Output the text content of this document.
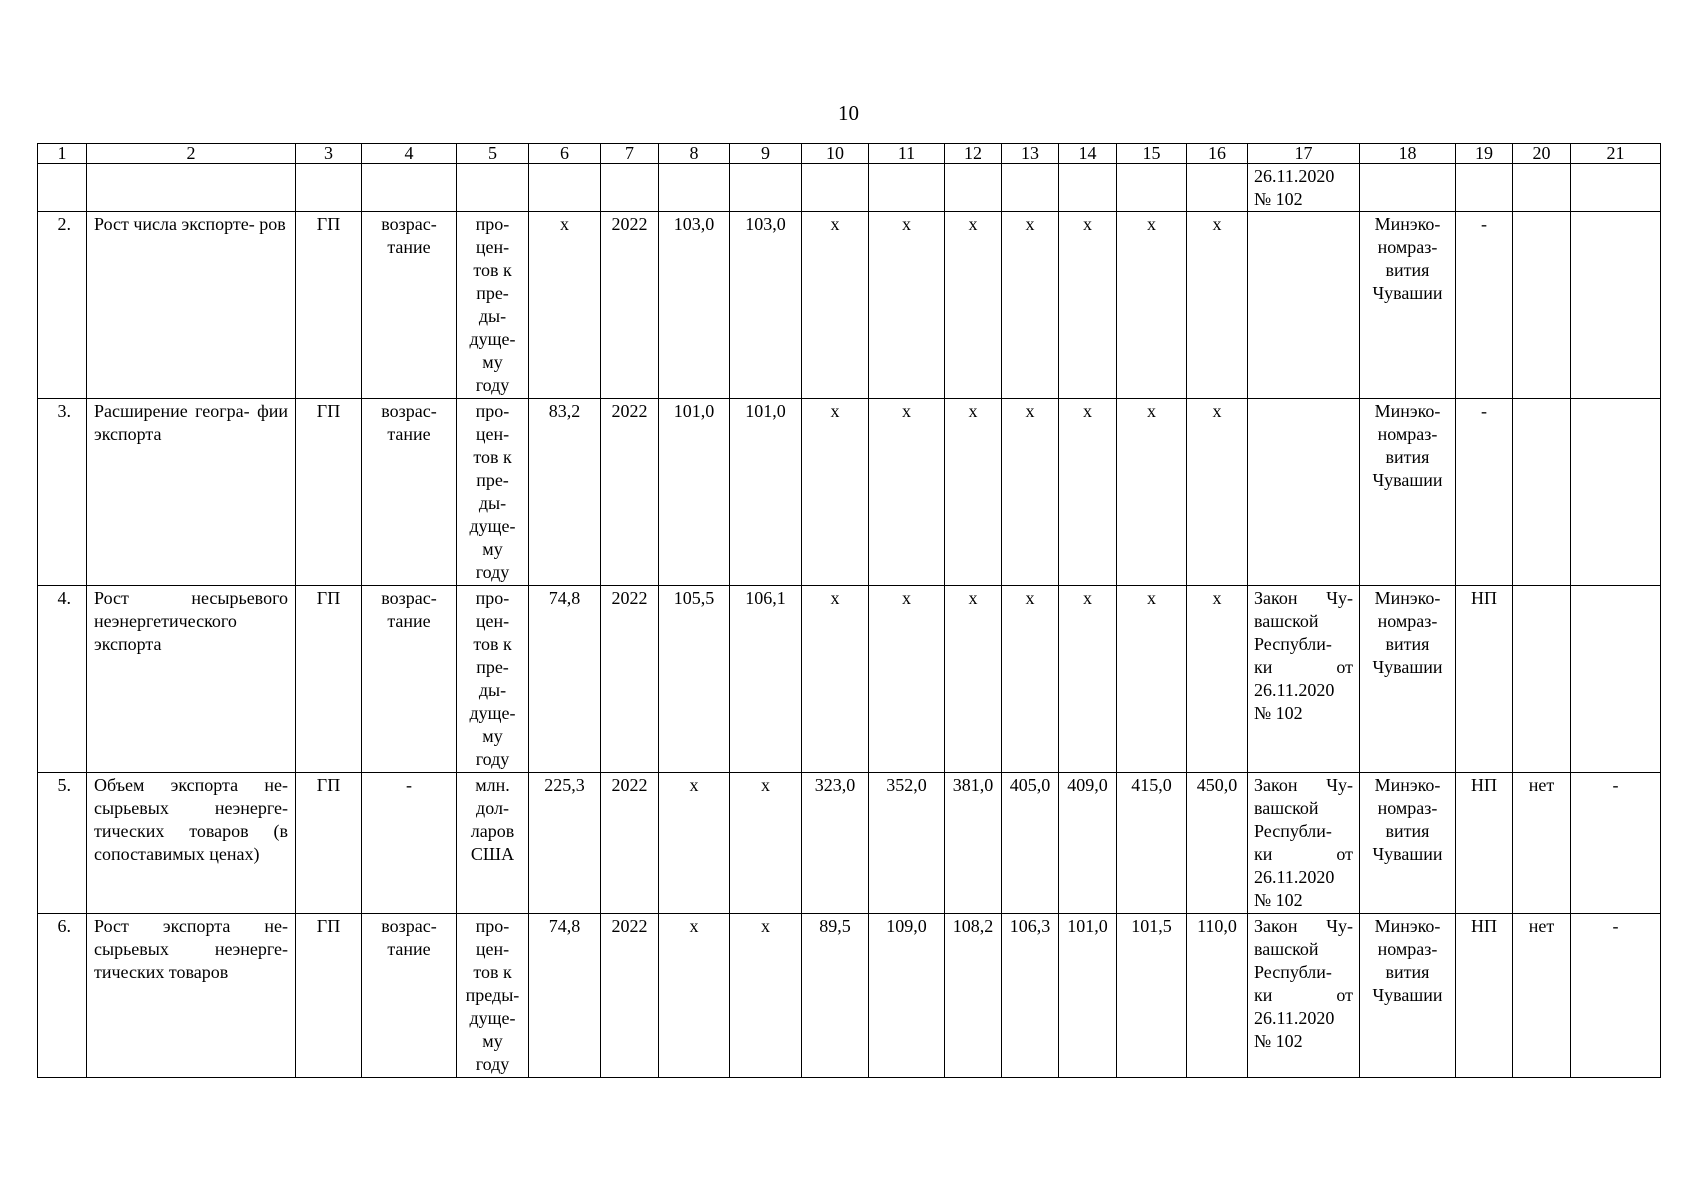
10
1	2	3	4	5	6	7	8	9	10	11	12	13	14	15	16	17	18	19	20	21

																26.11.2020
№ 102				

2.	Рост числа экспорте- ров	ГП	возрас- тание	про- цен- тов к пре- ды- дуще- му году	x	2022	103,0	103,0	x	x	x	x	x	x	x		Минэко- номраз- вития Чувашии	-		
3.	Расширение геогра- фии экспорта	ГП	возрас- тание	про- цен- тов к пре- ды- дуще- му году	83,2	2022	101,0	101,0	x	x	x	x	x	x	x		Минэко- номраз- вития Чувашии	-		
4.	Рост несырьевого неэнергетического экспорта	ГП	возрас- тание	про- цен- тов к пре- ды- дуще- му году	74,8	2022	105,5	106,1	x	x	x	x	x	x	x	Закон Чу- вашской Республи- ки от 26.11.2020 № 102	Минэко- номраз- вития Чувашии	НП		
5.	Объем экспорта не- сырьевых неэнерге- тических товаров (в сопоставимых ценах)	ГП	-	млн. дол- ларов США	225,3	2022	x	x	323,0	352,0	381,0	405,0	409,0	415,0	450,0	Закон Чу- вашской Республи- ки от 26.11.2020 № 102	Минэко- номраз- вития Чувашии	НП	нет	-
6.	Рост экспорта не- сырьевых неэнерге- тических товаров	ГП	возрас- тание	про- цен- тов к преды- дуще- му году	74,8	2022	x	x	89,5	109,0	108,2	106,3	101,0	101,5	110,0	Закон Чу- вашской Республи- ки от 26.11.2020 № 102	Минэко- номраз- вития Чувашии	НП	нет	-
